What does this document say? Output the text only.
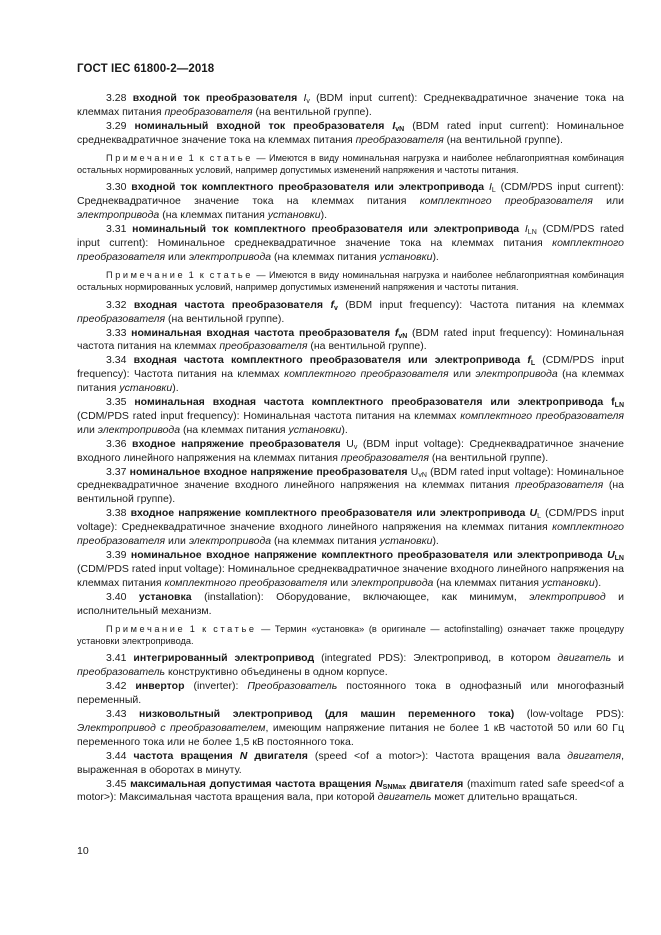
ГОСТ IEC 61800-2—2018

3.28 входной ток преобразователя $I_v$ (BDM input current): Среднеквадратичное значение тока на клеммах питания преобразователя (на вентильной группе).

3.29 номинальный входной ток преобразователя $I_{vN}$ (BDM rated input current): Номинальное среднеквадратичное значение тока на клеммах питания преобразователя (на вентильной группе).

Примечание 1 к статье — Имеются в виду номинальная нагрузка и наиболее неблагоприятная комбинация остальных нормированных условий, например допустимых изменений напряжения и частоты питания.

3.30 входной ток комплектного преобразователя или электропривода $I_L$ (CDM/PDS input current): Среднеквадратичное значение тока на клеммах питания комплектного преобразователя или электропривода (на клеммах питания установки).

3.31 номинальный ток комплектного преобразователя или электропривода $I_{LN}$ (CDM/PDS rated input current): Номинальное среднеквадратичное значение тока на клеммах питания комплектного преобразователя или электропривода (на клеммах питания установки).

Примечание 1 к статье — Имеются в виду номинальная нагрузка и наиболее неблагоприятная комбинация остальных нормированных условий, например допустимых изменений напряжения и частоты питания.

3.32 входная частота преобразователя $f_v$ (BDM input frequency): Частота питания на клеммах преобразователя (на вентильной группе).

3.33 номинальная входная частота преобразователя $f_{vN}$ (BDM rated input frequency): Номинальная частота питания на клеммах преобразователя (на вентильной группе).

3.34 входная частота комплектного преобразователя или электропривода $f_L$ (CDM/PDS input frequency): Частота питания на клеммах комплектного преобразователя или электропривода (на клеммах питания установки).

3.35 номинальная входная частота комплектного преобразователя или электропривода $f_{LN}$ (CDM/PDS rated input frequency): Номинальная частота питания на клеммах комплектного преобразователя или электропривода (на клеммах питания установки).

3.36 входное напряжение преобразователя $U_v$ (BDM input voltage): Среднеквадратичное значение входного линейного напряжения на клеммах питания преобразователя (на вентильной группе).

3.37 номинальное входное напряжение преобразователя $U_{vN}$ (BDM rated input voltage): Номинальное среднеквадратичное значение входного линейного напряжения на клеммах питания преобразователя (на вентильной группе).

3.38 входное напряжение комплектного преобразователя или электропривода $U_L$ (CDM/PDS input voltage): Среднеквадратичное значение входного линейного напряжения на клеммах питания комплектного преобразователя или электропривода (на клеммах питания установки).

3.39 номинальное входное напряжение комплектного преобразователя или электропривода $U_{LN}$ (CDM/PDS rated input voltage): Номинальное среднеквадратичное значение входного линейного напряжения на клеммах питания комплектного преобразователя или электропривода (на клеммах питания установки).

3.40 установка (installation): Оборудование, включающее, как минимум, электропривод и исполнительный механизм.

Примечание 1 к статье — Термин «установка» (в оригинале — actofinstalling) означает также процедуру установки электропривода.

3.41 интегрированный электропривод (integrated PDS): Электропривод, в котором двигатель и преобразователь конструктивно объединены в одном корпусе.

3.42 инвертор (inverter): Преобразователь постоянного тока в однофазный или многофазный переменный.

3.43 низковольтный электропривод (для машин переменного тока) (low-voltage PDS): Электропривод с преобразователем, имеющим напряжение питания не более 1 кВ частотой 50 или 60 Гц переменного тока или не более 1,5 кВ постоянного тока.

3.44 частота вращения N двигателя (speed <of a motor>): Частота вращения вала двигателя, выраженная в оборотах в минуту.

3.45 максимальная допустимая частота вращения $N_{SNMax}$ двигателя (maximum rated safe speed<of a motor>): Максимальная частота вращения вала, при которой двигатель может длительно вращаться.

10
